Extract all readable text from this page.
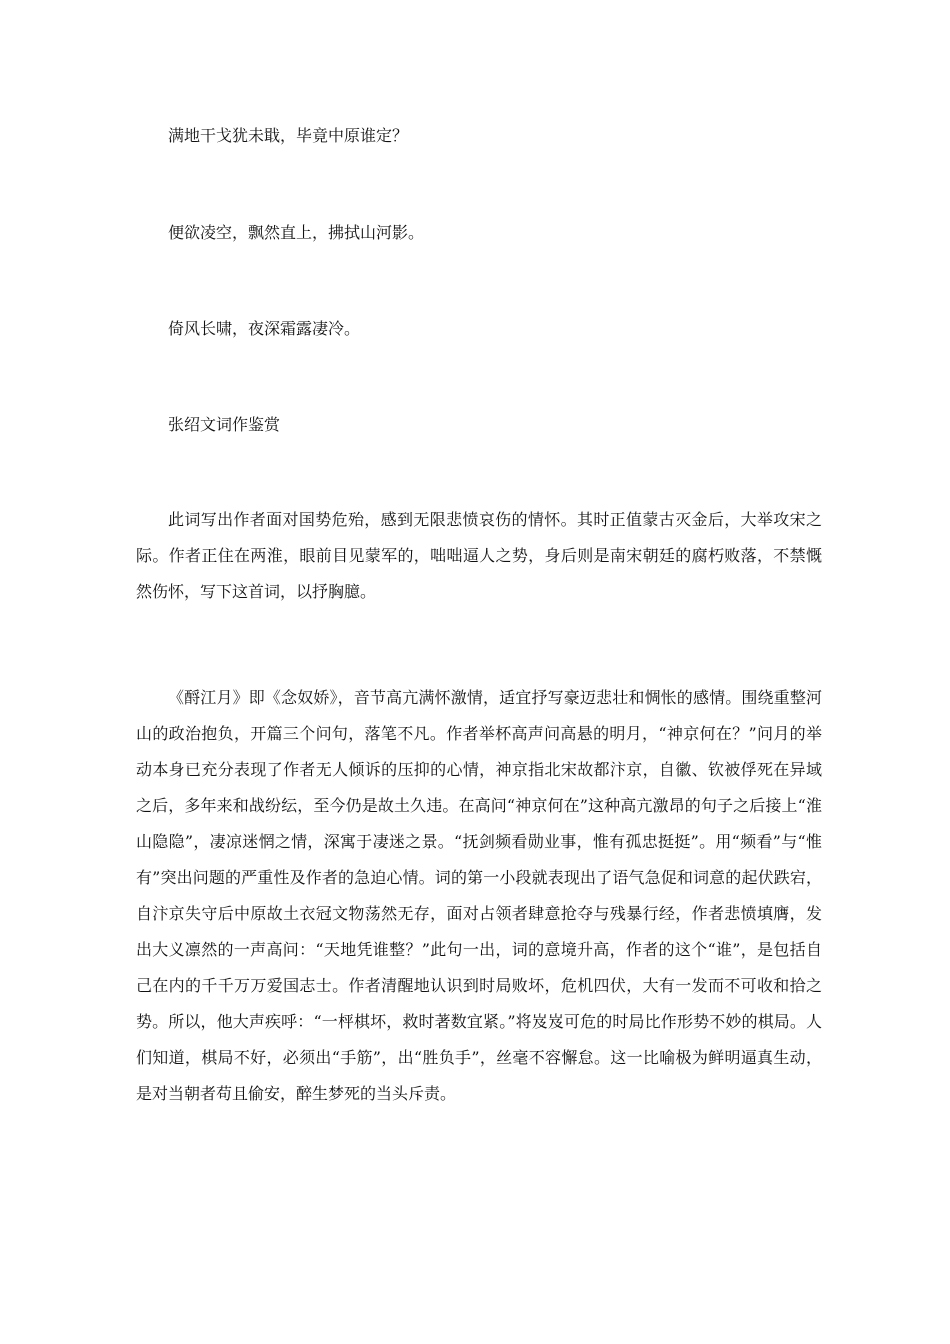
满地干戈犹未戢，毕竟中原谁定？
便欲凌空，飘然直上，拂拭山河影。
倚风长啸，夜深霜露凄冷。
张绍文词作鉴赏

此词写出作者面对国势危殆，感到无限悲愤哀伤的情怀。其时正值蒙古灭金后，大举攻宋之际。作者正住在两淮，眼前目见蒙军的，咄咄逼人之势，身后则是南宋朝廷的腐朽败落，不禁慨然伤怀，写下这首词，以抒胸臆。

《酹江月》即《念奴娇》，音节高亢满怀激情，适宜抒写豪迈悲壮和惆怅的感情。围绕重整河山的政治抱负，开篇三个问句，落笔不凡。作者举杯高声问高悬的明月，“神京何在？”问月的举动本身已充分表现了作者无人倾诉的压抑的心情，神京指北宋故都汴京，自徽、钦被俘死在异域之后，多年来和战纷纭，至今仍是故土久违。在高问“神京何在”这种高亢激昂的句子之后接上“淮山隐隐”，凄凉迷惘之情，深寓于凄迷之景。“抚剑频看勋业事，惟有孤忠挺挺”。用“频看”与“惟有”突出问题的严重性及作者的急迫心情。词的第一小段就表现出了语气急促和词意的起伏跌宕，自汴京失守后中原故土衣冠文物荡然无存，面对占领者肆意抢夺与残暴行经，作者悲愤填膺，发出大义凛然的一声高问：“天地凭谁整？”此句一出，词的意境升高，作者的这个“谁”，是包括自己在内的千千万万爱国志士。作者清醒地认识到时局败坏，危机四伏，大有一发而不可收和拾之势。所以，他大声疾呼：“一枰棋坏，救时著数宜紧。”将岌岌可危的时局比作形势不妙的棋局。人们知道，棋局不好，必须出“手筋”，出“胜负手”，丝毫不容懈怠。这一比喻极为鲜明逼真生动，是对当朝者苟且偷安，醉生梦死的当头斥责。
